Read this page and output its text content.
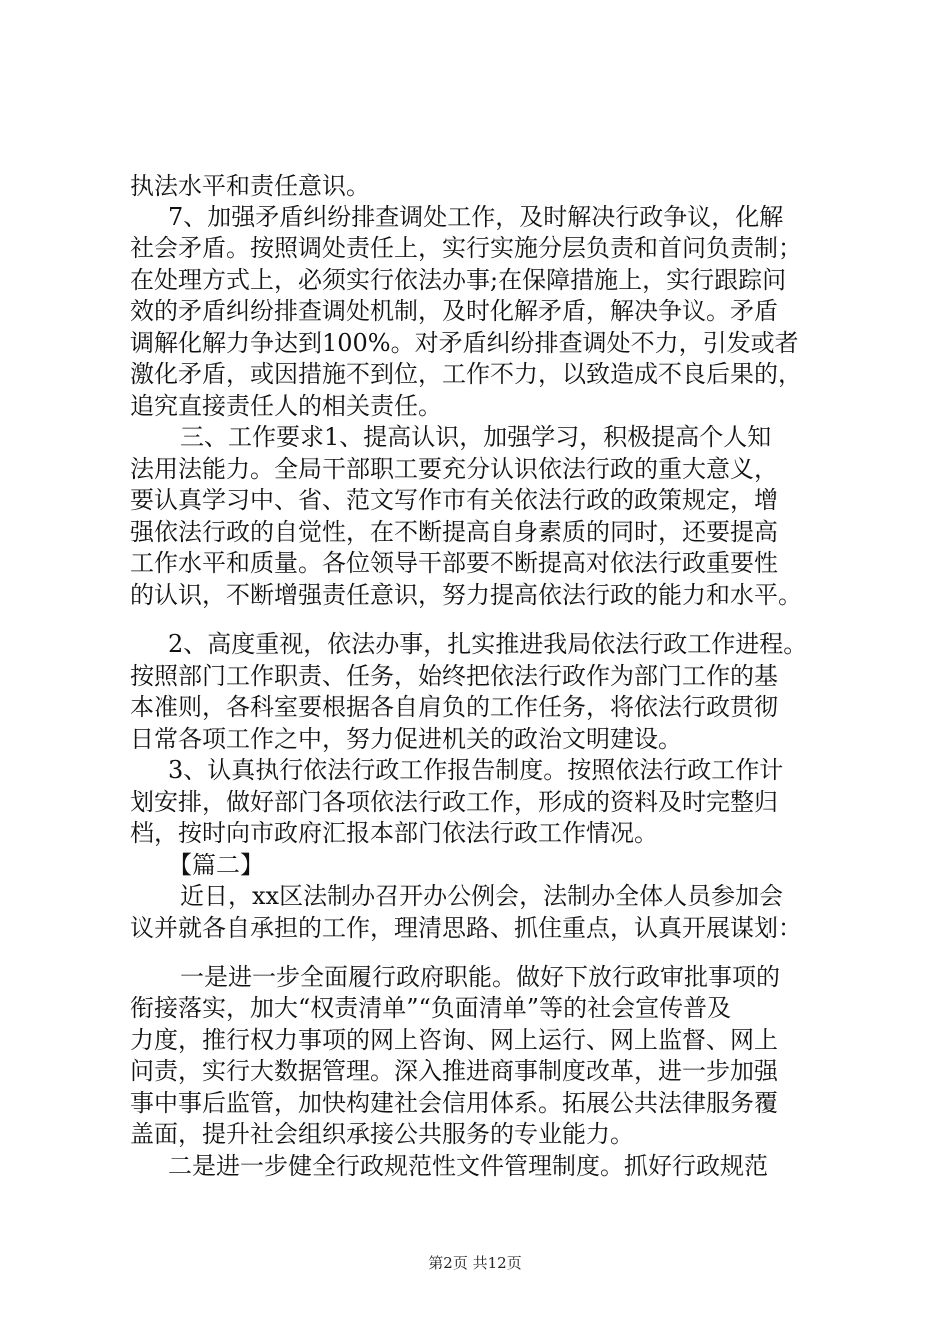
执法水平和责任意识。
7、加强矛盾纠纷排查调处工作，及时解决行政争议，化解
社会矛盾。按照调处责任上，实行实施分层负责和首问负责制；
在处理方式上，必须实行依法办事;在保障措施上，实行跟踪问
效的矛盾纠纷排查调处机制，及时化解矛盾，解决争议。矛盾
调解化解力争达到100%。对矛盾纠纷排查调处不力，引发或者
激化矛盾，或因措施不到位，工作不力，以致造成不良后果的，
追究直接责任人的相关责任。
三、工作要求1、提高认识，加强学习，积极提高个人知
法用法能力。全局干部职工要充分认识依法行政的重大意义，
要认真学习中、省、范文写作市有关依法行政的政策规定，增
强依法行政的自觉性，在不断提高自身素质的同时，还要提高
工作水平和质量。各位领导干部要不断提高对依法行政重要性
的认识，不断增强责任意识，努力提高依法行政的能力和水平。
2、高度重视，依法办事，扎实推进我局依法行政工作进程。
按照部门工作职责、任务，始终把依法行政作为部门工作的基
本准则，各科室要根据各自肩负的工作任务，将依法行政贯彻
日常各项工作之中，努力促进机关的政治文明建设。
3、认真执行依法行政工作报告制度。按照依法行政工作计
划安排，做好部门各项依法行政工作，形成的资料及时完整归
档，按时向市政府汇报本部门依法行政工作情况。
【篇二】
近日，xx区法制办召开办公例会，法制办全体人员参加会
议并就各自承担的工作，理清思路、抓住重点，认真开展谋划：
一是进一步全面履行政府职能。做好下放行政审批事项的
衔接落实，加大“权责清单”“负面清单”等的社会宣传普及
力度，推行权力事项的网上咨询、网上运行、网上监督、网上
问责，实行大数据管理。深入推进商事制度改革，进一步加强
事中事后监管，加快构建社会信用体系。拓展公共法律服务覆
盖面，提升社会组织承接公共服务的专业能力。
二是进一步健全行政规范性文件管理制度。抓好行政规范
第2页 共12页
